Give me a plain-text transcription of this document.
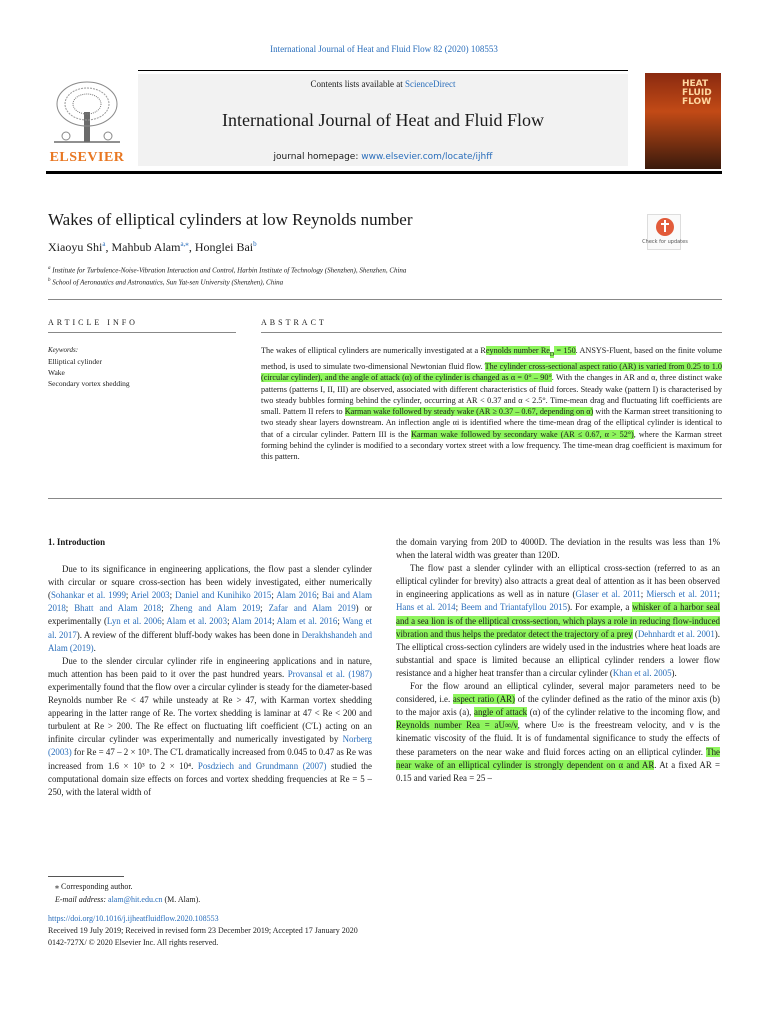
International Journal of Heat and Fluid Flow 82 (2020) 108553
ELSEVIER
Contents lists available at ScienceDirect
International Journal of Heat and Fluid Flow
journal homepage: www.elsevier.com/locate/ijhff
HEAT
FLUID
FLOW
Wakes of elliptical cylinders at low Reynolds number
Check for updates
Xiaoyu Shi$^a$, Mahbub Alam$^{a,⁎}$, Honglei Bai$^b$
$^a$ Institute for Turbulence-Noise-Vibration Interaction and Control, Harbin Institute of Technology (Shenzhen), Shenzhen, China
$^b$ School of Aeronautics and Astronautics, Sun Yat-sen University (Shenzhen), China
ARTICLE INFO
Keywords:
Elliptical cylinder
Wake
Secondary vortex shedding
ABSTRACT
The wakes of elliptical cylinders are numerically investigated at a Reynolds number $Re_D = 150$. ANSYS-Fluent, based on the finite volume method, is used to simulate two-dimensional Newtonian fluid flow. The cylinder cross-sectional aspect ratio (AR) is varied from 0.25 to 1.0 (circular cylinder), and the angle of attack (α) of the cylinder is changed as α = 0° – 90°. With the changes in AR and α, three distinct wake patterns (patterns I, II, III) are observed, associated with different characteristics of fluid forces. Steady wake (pattern I) is characterised by two steady bubbles forming behind the cylinder, occurring at AR < 0.37 and α < 2.5°. Time-mean drag and fluctuating lift coefficients are small. Pattern II refers to Karman wake followed by steady wake (AR ≥ 0.37 – 0.67, depending on α) with the Karman street transitioning to two steady shear layers downstream. An inflection angle αi is identified where the time-mean drag of the elliptical cylinder is identical to that of a circular cylinder. Pattern III is the Karman wake followed by secondary wake (AR ≤ 0.67, α > 52°), where the Karman street forming behind the cylinder is modified to a secondary vortex street with a low frequency. The time-mean drag coefficient is maximum for this pattern.
1. Introduction
Due to its significance in engineering applications, the flow past a slender cylinder with circular or square cross-section has been widely investigated, either numerically (Sohankar et al. 1999; Ariel 2003; Daniel and Kunihiko 2015; Alam 2016; Bai and Alam 2018; Bhatt and Alam 2018; Zheng and Alam 2019; Zafar and Alam 2019) or experimentally (Lyn et al. 2006; Alam et al. 2003; Alam 2014; Alam et al. 2016; Wang et al. 2017). A review of the different bluff-body wakes has been done in Derakhshandeh and Alam (2019).
Due to the slender circular cylinder rife in engineering applications and in nature, much attention has been paid to it over the past hundred years. Provansal et al. (1987) experimentally found that the flow over a circular cylinder is steady for the diameter-based Reynolds number Re < 47 while unsteady at Re > 47, with Karman vortex shedding appearing in the latter range of Re. The vortex shedding is laminar at 47 < Re < 200 and turbulent at Re > 200. The Re effect on fluctuating lift coefficient (C′L) acting on an infinite circular cylinder was experimentally and numerically investigated by Norberg (2003) for Re = 47 – 2 × 10⁵. The C′L dramatically increased from 0.045 to 0.47 as Re was increased from 1.6 × 10³ to 2 × 10⁴. Posdziech and Grundmann (2007) studied the computational domain size effects on forces and vortex shedding frequencies at Re = 5 – 250, with the lateral width of
the domain varying from 20D to 4000D. The deviation in the results was less than 1% when the lateral width was greater than 120D.
The flow past a slender cylinder with an elliptical cross-section (referred to as an elliptical cylinder for brevity) also attracts a great deal of attention as it has been observed in engineering applications as well as in nature (Glaser et al. 2011; Miersch et al. 2011; Hans et al. 2014; Beem and Triantafyllou 2015). For example, a whisker of a harbor seal and a sea lion is of the elliptical cross-section, which plays a role in reducing flow-induced vibration and thus helps the predator detect the trajectory of a prey (Dehnhardt et al. 2001). The elliptical cross-section cylinders are widely used in the industries where heat loads are substantial and space is limited because an elliptical cylinder renders a lower flow resistance and a higher heat transfer than a circular cylinder (Khan et al. 2005).
For the flow around an elliptical cylinder, several major parameters need to be considered, i.e. aspect ratio (AR) of the cylinder defined as the ratio of the minor axis (b) to the major axis (a), angle of attack (α) of the cylinder relative to the incoming flow, and Reynolds number Rea = aU∞/ν, where U∞ is the freestream velocity, and ν is the kinematic viscosity of the fluid. It is of fundamental significance to study the effects of these parameters on the near wake and fluid forces acting on an elliptical cylinder. The near wake of an elliptical cylinder is strongly dependent on α and AR. At a fixed AR = 0.15 and varied Rea = 25 –
⁎ Corresponding author.
E-mail address: alam@hit.edu.cn (M. Alam).
https://doi.org/10.1016/j.ijheatfluidflow.2020.108553
Received 19 July 2019; Received in revised form 23 December 2019; Accepted 17 January 2020
0142-727X/ © 2020 Elsevier Inc. All rights reserved.
